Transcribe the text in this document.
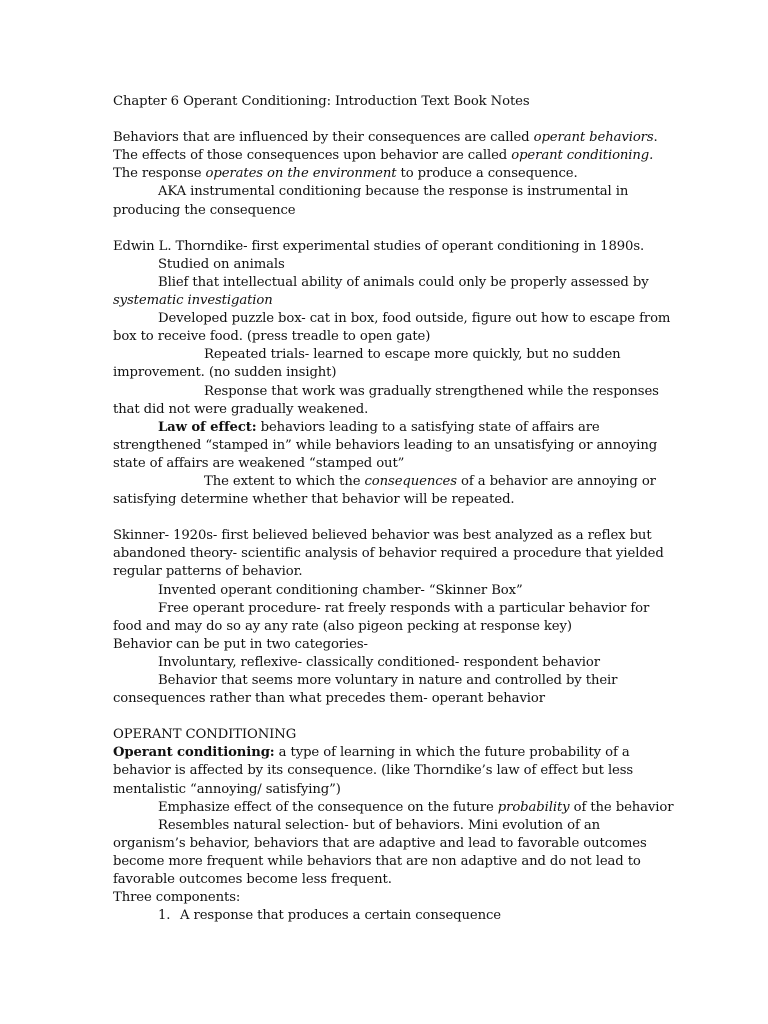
Chapter 6 Operant Conditioning: Introduction Text Book Notes
Behaviors that are influenced by their consequences are called operant behaviors.
The effects of those consequences upon behavior are called operant conditioning.
The response operates on the environment to produce a consequence.
AKA instrumental conditioning because the response is instrumental in
producing the consequence
Edwin L. Thorndike- first experimental studies of operant conditioning in 1890s.
Studied on animals
Blief that intellectual ability of animals could only be properly assessed by
systematic investigation
Developed puzzle box- cat in box, food outside, figure out how to escape from
box to receive food. (press treadle to open gate)
Repeated trials- learned to escape more quickly, but no sudden
improvement. (no sudden insight)
Response that work was gradually strengthened while the responses
that did not were gradually weakened.
Law of effect: behaviors leading to a satisfying state of affairs are
strengthened “stamped in” while behaviors leading to an unsatisfying or annoying
state of affairs are weakened “stamped out”
The extent to which the consequences of a behavior are annoying or
satisfying determine whether that behavior will be repeated.
Skinner- 1920s- first believed believed behavior was best analyzed as a reflex but
abandoned theory- scientific analysis of behavior required a procedure that yielded
regular patterns of behavior.
Invented operant conditioning chamber- “Skinner Box”
Free operant procedure- rat freely responds with a particular behavior for
food and may do so ay any rate (also pigeon pecking at response key)
Behavior can be put in two categories-
Involuntary, reflexive- classically conditioned- respondent behavior
Behavior that seems more voluntary in nature and controlled by their
consequences rather than what precedes them- operant behavior
OPERANT CONDITIONING
Operant conditioning: a type of learning in which the future probability of a
behavior is affected by its consequence. (like Thorndike’s law of effect but less
mentalistic “annoying/ satisfying”)
Emphasize effect of the consequence on the future probability of the behavior
Resembles natural selection- but of behaviors. Mini evolution of an
organism’s behavior, behaviors that are adaptive and lead to favorable outcomes
become more frequent while behaviors that are non adaptive and do not lead to
favorable outcomes become less frequent.
Three components:
1. A response that produces a certain consequence
